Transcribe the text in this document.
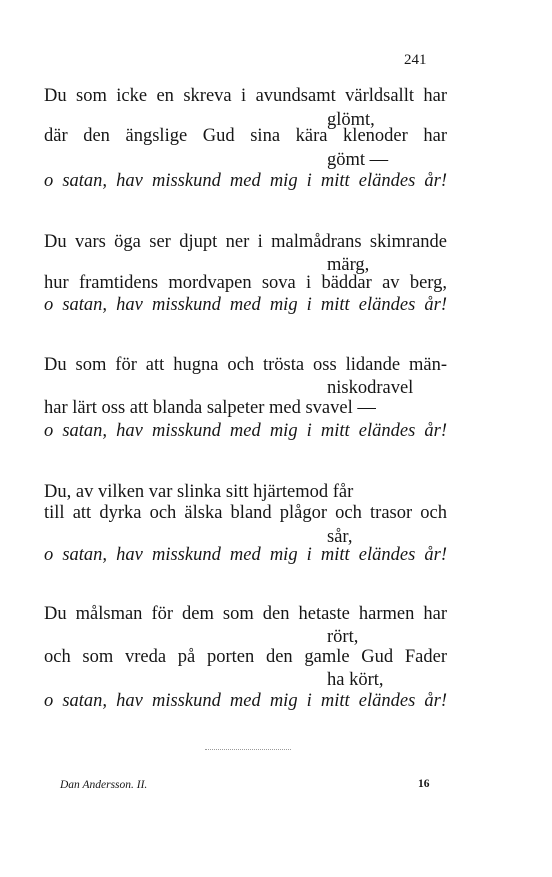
241
Du som icke en skreva i avundsamt världsallt har
glömt,
där den ängslige Gud sina kära klenoder har
gömt —
o satan, hav misskund med mig i mitt eländes år!
Du vars öga ser djupt ner i malmådrans skimrande
märg,
hur framtidens mordvapen sova i bäddar av berg,
o satan, hav misskund med mig i mitt eländes år!
Du som för att hugna och trösta oss lidande män-
niskodravel
har lärt oss att blanda salpeter med svavel —
o satan, hav misskund med mig i mitt eländes år!
Du, av vilken var slinka sitt hjärtemod får
till att dyrka och älska bland plågor och trasor och
sår,
o satan, hav misskund med mig i mitt eländes år!
Du målsman för dem som den hetaste harmen har
rört,
och som vreda på porten den gamle Gud Fader
ha kört,
o satan, hav misskund med mig i mitt eländes år!
Dan Andersson. II.	16
